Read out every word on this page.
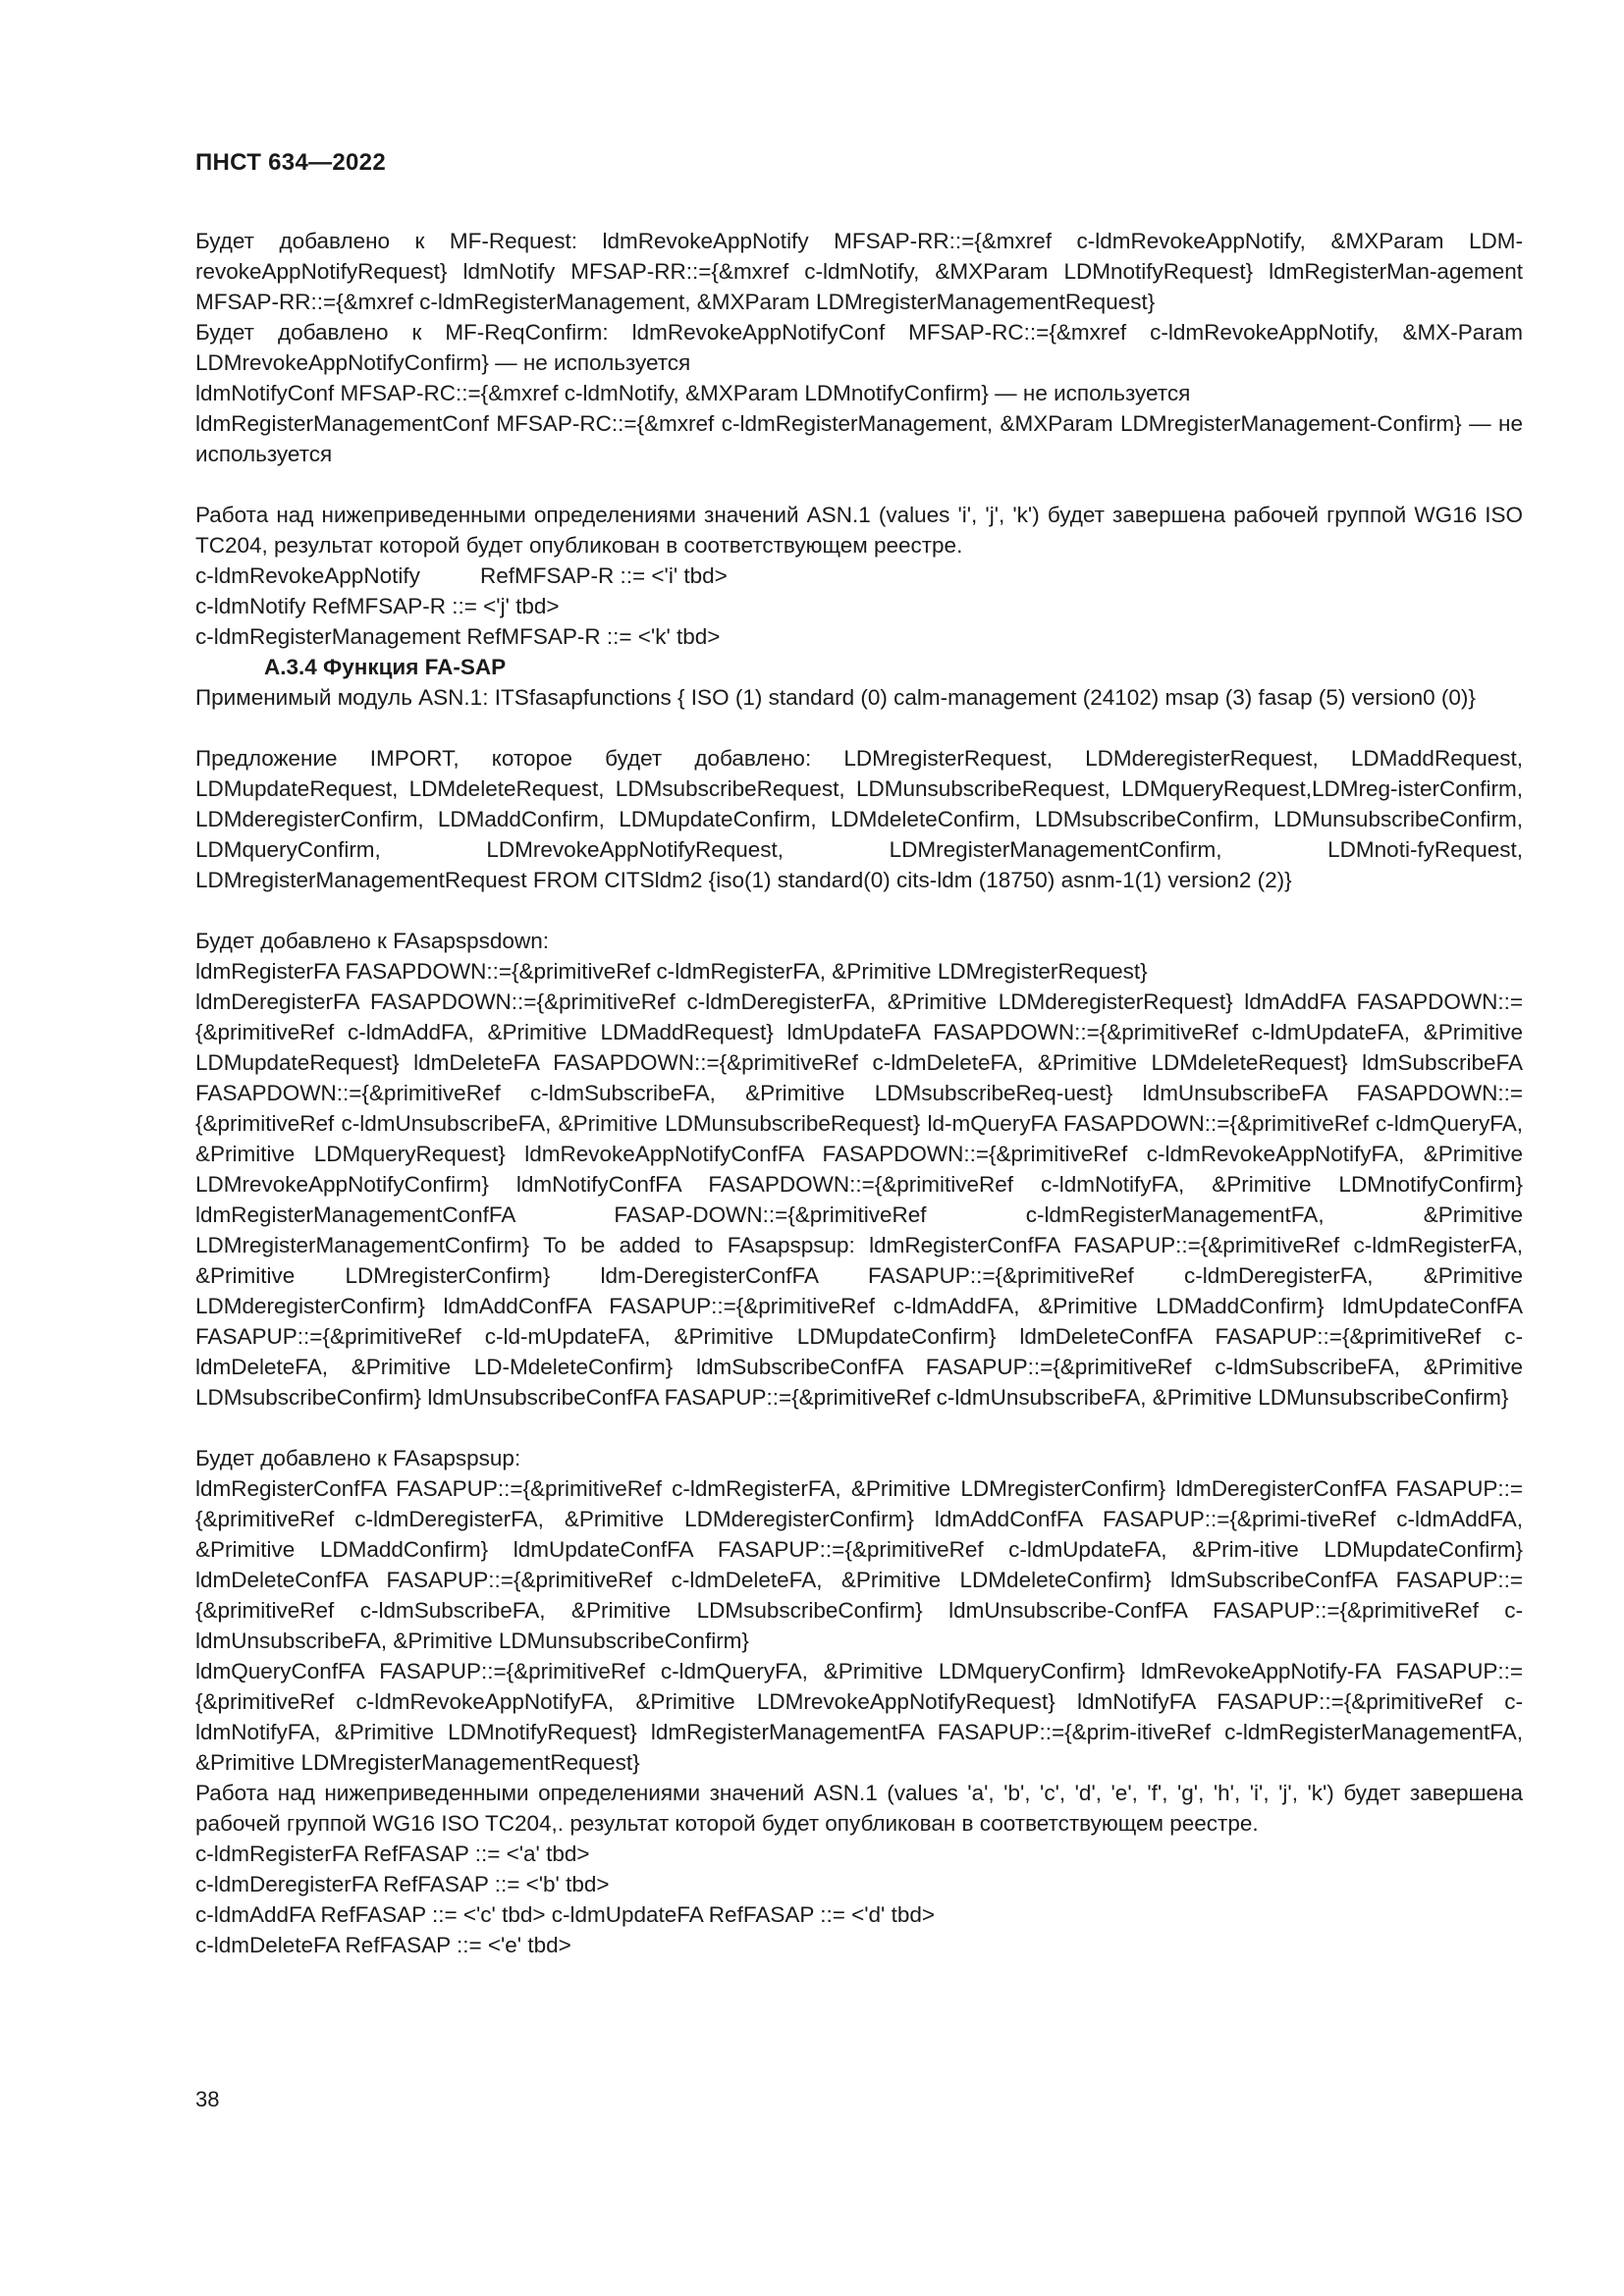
ПНСТ 634—2022

Будет добавлено к MF-Request: ldmRevokeAppNotify MFSAP-RR::={&mxref c-ldmRevokeAppNotify, &MXParam LDM-revokeAppNotifyRequest} ldmNotify MFSAP-RR::={&mxref c-ldmNotify, &MXParam LDMnotifyRequest} ldmRegisterMan-agement MFSAP-RR::={&mxref c-ldmRegisterManagement, &MXParam LDMregisterManagementRequest}

Будет добавлено к MF-ReqConfirm: ldmRevokeAppNotifyConf MFSAP-RC::={&mxref c-ldmRevokeAppNotify, &MX-Param LDMrevokeAppNotifyConfirm} — не используется

ldmNotifyConf MFSAP-RC::={&mxref c-ldmNotify, &MXParam LDMnotifyConfirm} — не используется

ldmRegisterManagementConf MFSAP-RC::={&mxref c-ldmRegisterManagement, &MXParam LDMregisterManagement-Confirm} — не используется

Работа над нижеприведенными определениями значений ASN.1 (values 'i', 'j', 'k') будет завершена рабочей группой WG16 ISO TC204, результат которой будет опубликован в соответствующем реестре.

c-ldmRevokeAppNotify	RefMFSAP-R ::= <'i' tbd>

c-ldmNotify RefMFSAP-R ::= <'j' tbd>

c-ldmRegisterManagement RefMFSAP-R ::= <'k' tbd>

А.3.4 Функция FA-SAP

Применимый модуль ASN.1: ITSfasapfunctions { ISO (1) standard (0) calm-management (24102) msap (3) fasap (5) version0 (0)}

Предложение IMPORT, которое будет добавлено: LDMregisterRequest, LDMderegisterRequest, LDMaddRequest, LDMupdateRequest, LDMdeleteRequest, LDMsubscribeRequest, LDMunsubscribeRequest, LDMqueryRequest,LDMreg-isterConfirm, LDMderegisterConfirm, LDMaddConfirm, LDMupdateConfirm, LDMdeleteConfirm, LDMsubscribeConfirm, LDMunsubscribeConfirm, LDMqueryConfirm, LDMrevokeAppNotifyRequest, LDMregisterManagementConfirm, LDMnoti-fyRequest, LDMregisterManagementRequest FROM CITSldm2 {iso(1) standard(0) cits-ldm (18750) asnm-1(1) version2 (2)}

Будет добавлено к FAsapspsdown:

ldmRegisterFA FASAPDOWN::={&primitiveRef c-ldmRegisterFA, &Primitive LDMregisterRequest}

ldmDeregisterFA FASAPDOWN::={&primitiveRef c-ldmDeregisterFA, &Primitive LDMderegisterRequest} ldmAddFA FASAPDOWN::={&primitiveRef c-ldmAddFA, &Primitive LDMaddRequest} ldmUpdateFA FASAPDOWN::={&primitiveRef c-ldmUpdateFA, &Primitive LDMupdateRequest} ldmDeleteFA FASAPDOWN::={&primitiveRef c-ldmDeleteFA, &Primitive LDMdeleteRequest} ldmSubscribeFA FASAPDOWN::={&primitiveRef c-ldmSubscribeFA, &Primitive LDMsubscribeReq-uest} ldmUnsubscribeFA FASAPDOWN::={&primitiveRef c-ldmUnsubscribeFA, &Primitive LDMunsubscribeRequest} ld-mQueryFA FASAPDOWN::={&primitiveRef c-ldmQueryFA, &Primitive LDMqueryRequest} ldmRevokeAppNotifyConfFA FASAPDOWN::={&primitiveRef c-ldmRevokeAppNotifyFA, &Primitive LDMrevokeAppNotifyConfirm} ldmNotifyConfFA FASAPDOWN::={&primitiveRef c-ldmNotifyFA, &Primitive LDMnotifyConfirm} ldmRegisterManagementConfFA FASAP-DOWN::={&primitiveRef c-ldmRegisterManagementFA, &Primitive LDMregisterManagementConfirm} To be added to FAsapspsup: ldmRegisterConfFA FASAPUP::={&primitiveRef c-ldmRegisterFA, &Primitive LDMregisterConfirm} ldm-DeregisterConfFA FASAPUP::={&primitiveRef c-ldmDeregisterFA, &Primitive LDMderegisterConfirm} ldmAddConfFA FASAPUP::={&primitiveRef c-ldmAddFA, &Primitive LDMaddConfirm} ldmUpdateConfFA FASAPUP::={&primitiveRef c-ld-mUpdateFA, &Primitive LDMupdateConfirm} ldmDeleteConfFA FASAPUP::={&primitiveRef c-ldmDeleteFA, &Primitive LD-MdeleteConfirm} ldmSubscribeConfFA FASAPUP::={&primitiveRef c-ldmSubscribeFA, &Primitive LDMsubscribeConfirm} ldmUnsubscribeConfFA FASAPUP::={&primitiveRef c-ldmUnsubscribeFA, &Primitive LDMunsubscribeConfirm}

Будет добавлено к FAsapspsup:

ldmRegisterConfFA FASAPUP::={&primitiveRef c-ldmRegisterFA, &Primitive LDMregisterConfirm} ldmDeregisterConfFA FASAPUP::={&primitiveRef c-ldmDeregisterFA, &Primitive LDMderegisterConfirm} ldmAddConfFA FASAPUP::={&primi-tiveRef c-ldmAddFA, &Primitive LDMaddConfirm} ldmUpdateConfFA FASAPUP::={&primitiveRef c-ldmUpdateFA, &Prim-itive LDMupdateConfirm} ldmDeleteConfFA FASAPUP::={&primitiveRef c-ldmDeleteFA, &Primitive LDMdeleteConfirm} ldmSubscribeConfFA FASAPUP::={&primitiveRef c-ldmSubscribeFA, &Primitive LDMsubscribeConfirm} ldmUnsubscribe-ConfFA FASAPUP::={&primitiveRef c-ldmUnsubscribeFA, &Primitive LDMunsubscribeConfirm}

ldmQueryConfFA FASAPUP::={&primitiveRef c-ldmQueryFA, &Primitive LDMqueryConfirm} ldmRevokeAppNotify-FA FASAPUP::={&primitiveRef c-ldmRevokeAppNotifyFA, &Primitive LDMrevokeAppNotifyRequest} ldmNotifyFA FASAPUP::={&primitiveRef c-ldmNotifyFA, &Primitive LDMnotifyRequest} ldmRegisterManagementFA FASAPUP::={&prim-itiveRef c-ldmRegisterManagementFA, &Primitive LDMregisterManagementRequest}

Работа над нижеприведенными определениями значений ASN.1 (values 'a', 'b', 'c', 'd', 'e', 'f', 'g', 'h', 'i', 'j', 'k') будет завершена рабочей группой WG16 ISO TC204,. результат которой будет опубликован в соответствующем реестре.

c-ldmRegisterFA RefFASAP ::= <'a' tbd>

c-ldmDeregisterFA RefFASAP ::= <'b' tbd>

c-ldmAddFA RefFASAP ::= <'c' tbd> c-ldmUpdateFA RefFASAP ::= <'d' tbd>

c-ldmDeleteFA RefFASAP ::= <'e' tbd>

38
